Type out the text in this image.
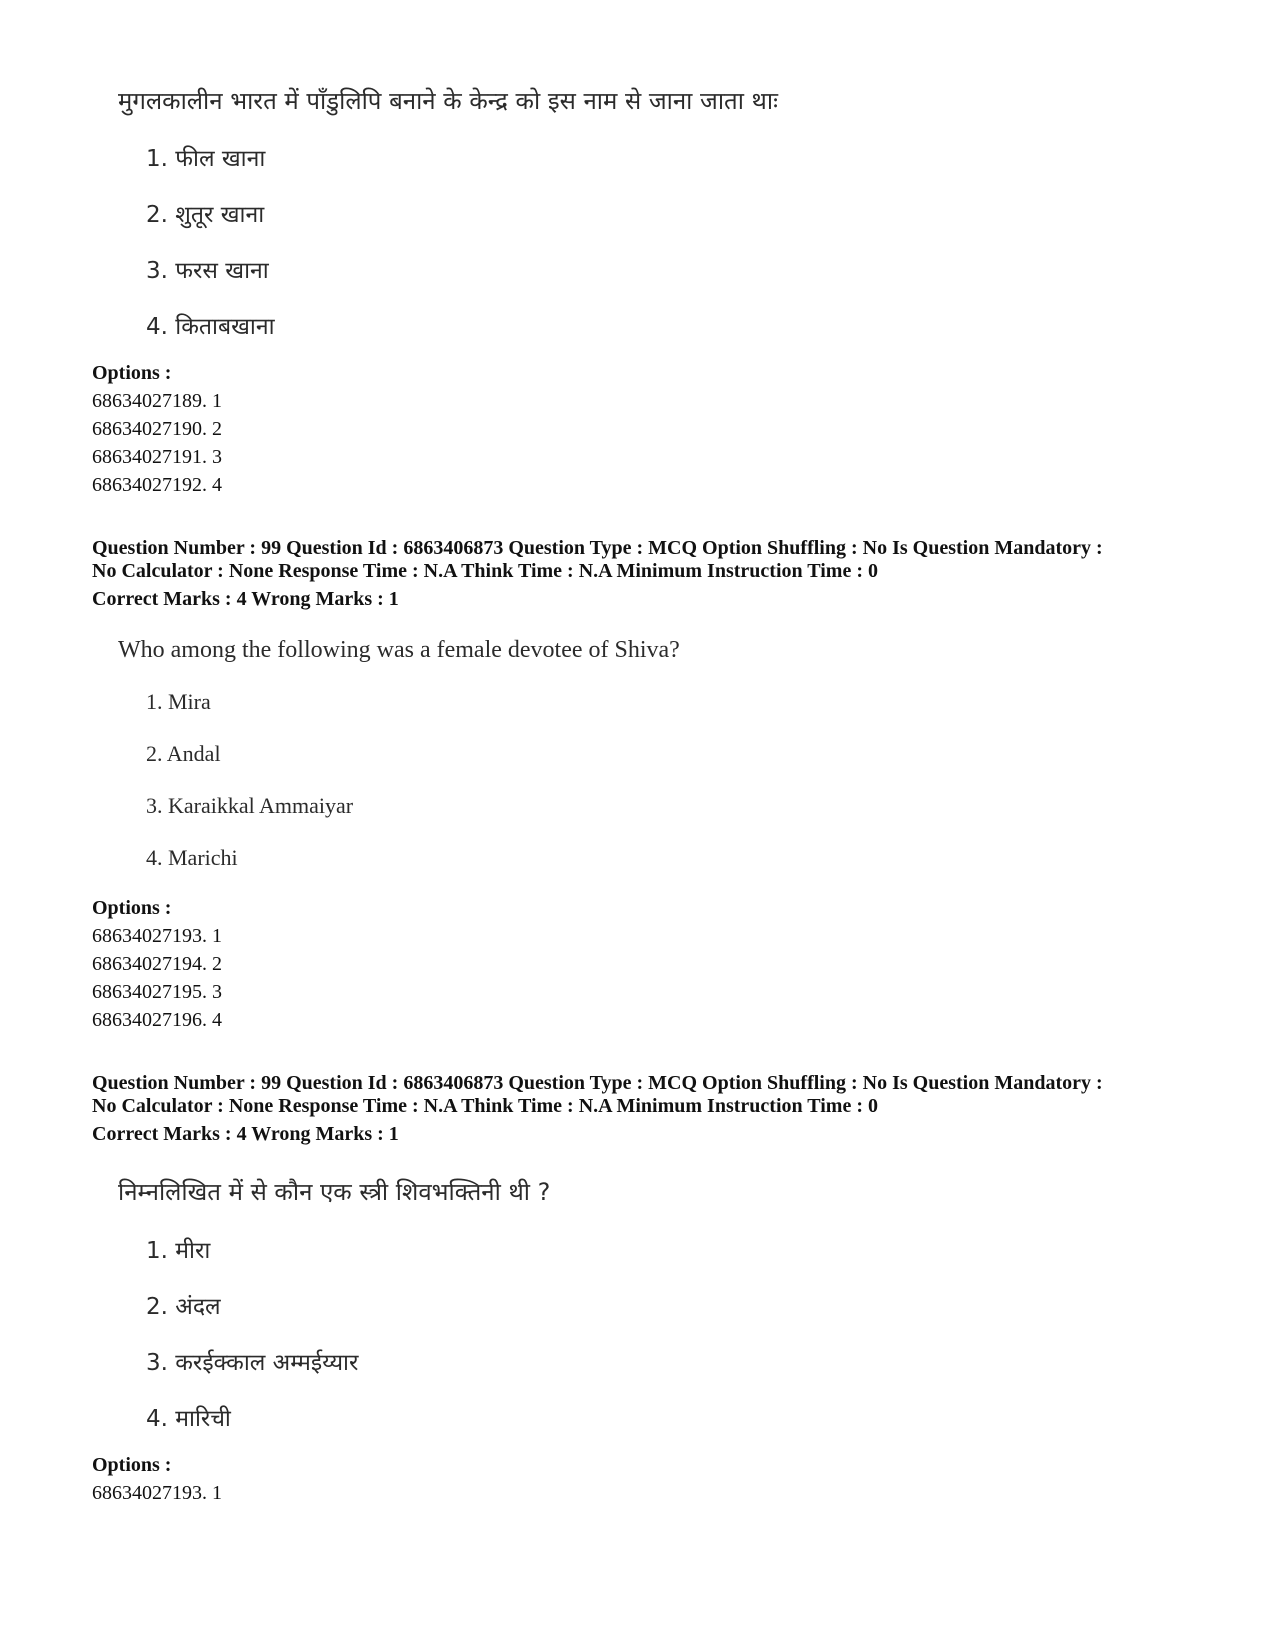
मुगलकालीन भारत में पाँडुलिपि बनाने के केन्द्र को इस नाम से जाना जाता थाः
1. फील खाना
2. शुतूर खाना
3. फरस खाना
4. किताबखाना
Options :
68634027189. 1
68634027190. 2
68634027191. 3
68634027192. 4
Question Number : 99 Question Id : 6863406873 Question Type : MCQ Option Shuffling : No Is Question Mandatory :
No Calculator : None Response Time : N.A Think Time : N.A Minimum Instruction Time : 0
Correct Marks : 4 Wrong Marks : 1
Who among the following was a female devotee of Shiva?
1. Mira
2. Andal
3. Karaikkal Ammaiyar
4. Marichi
Options :
68634027193. 1
68634027194. 2
68634027195. 3
68634027196. 4
Question Number : 99 Question Id : 6863406873 Question Type : MCQ Option Shuffling : No Is Question Mandatory :
No Calculator : None Response Time : N.A Think Time : N.A Minimum Instruction Time : 0
Correct Marks : 4 Wrong Marks : 1
निम्नलिखित में से कौन एक स्त्री शिवभक्तिनी थी ?
1. मीरा
2. अंदल
3. करईक्काल अम्मईय्यार
4. मारिची
Options :
68634027193. 1
